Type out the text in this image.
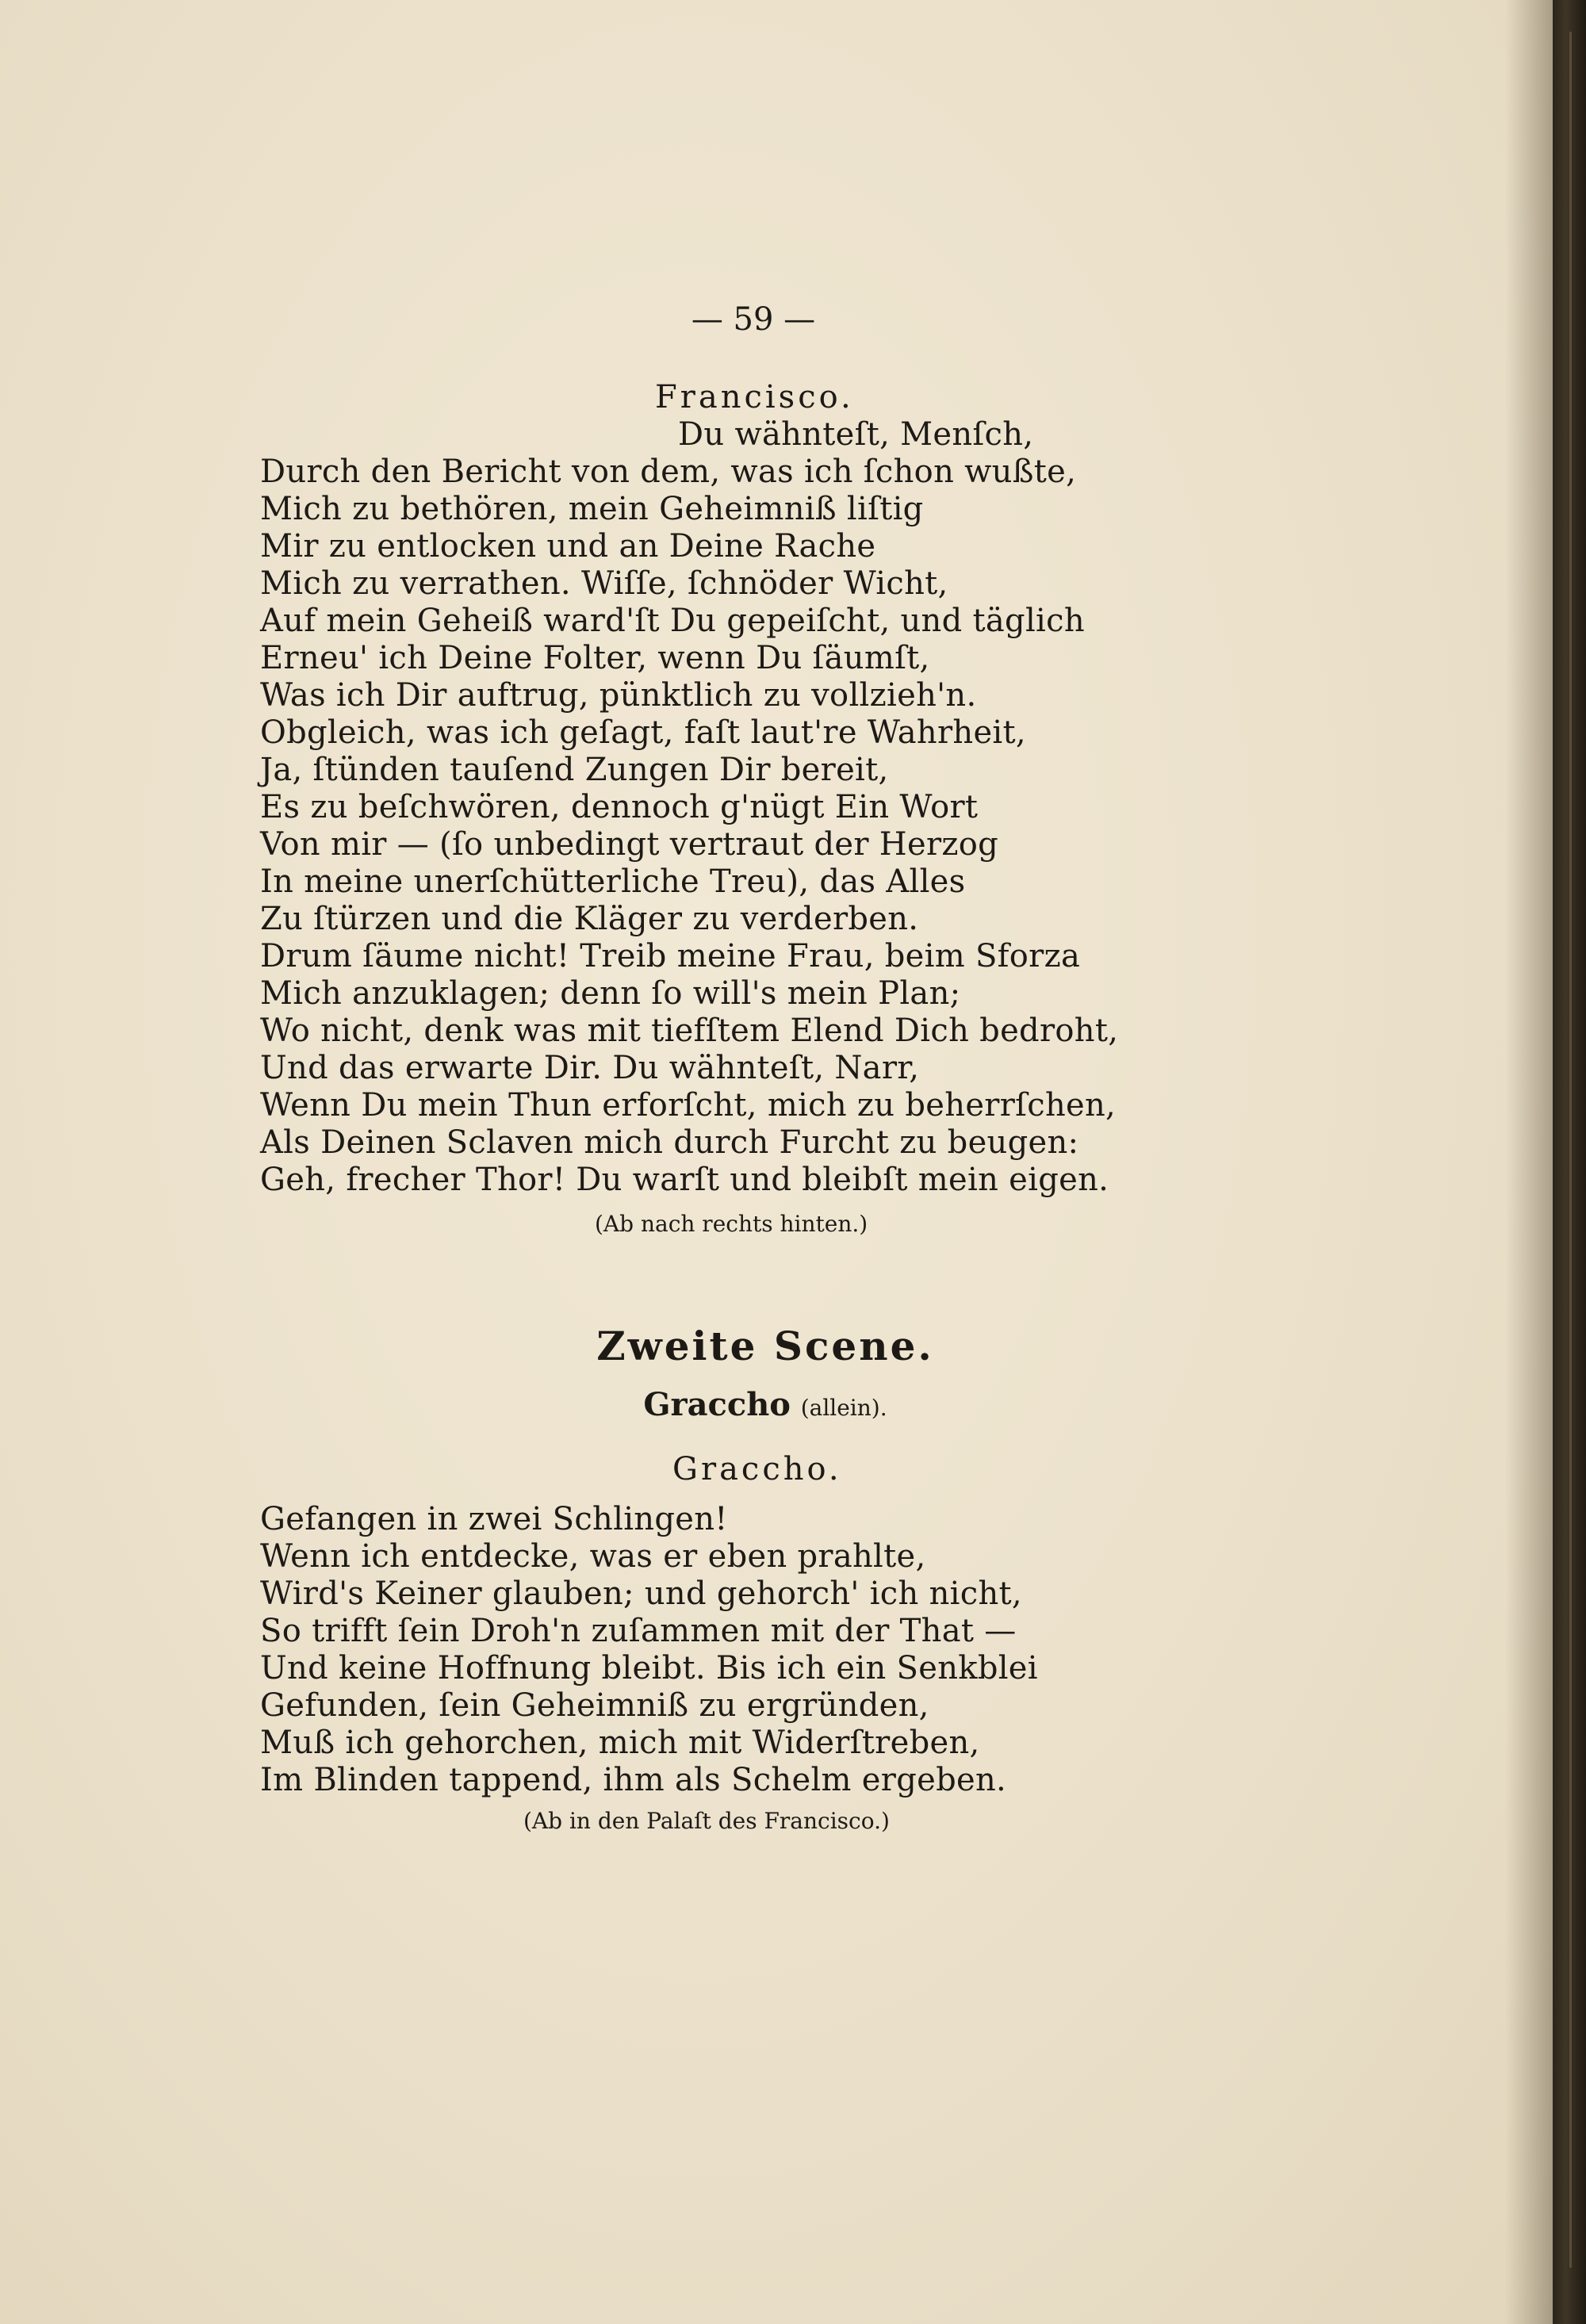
— 59 —
Francisco.
Du wähnteſt, Menſch,
Durch den Bericht von dem, was ich ſchon wußte,
Mich zu bethören, mein Geheimniß liſtig
Mir zu entlocken und an Deine Rache
Mich zu verrathen. Wiſſe, ſchnöder Wicht,
Auf mein Geheiß ward'ſt Du gepeiſcht, und täglich
Erneu' ich Deine Folter, wenn Du ſäumſt,
Was ich Dir auftrug, pünktlich zu vollzieh'n.
Obgleich, was ich geſagt, faſt laut're Wahrheit,
Ja, ſtünden tauſend Zungen Dir bereit,
Es zu beſchwören, dennoch g'nügt Ein Wort
Von mir — (ſo unbedingt vertraut der Herzog
In meine unerſchütterliche Treu), das Alles
Zu ſtürzen und die Kläger zu verderben.
Drum ſäume nicht! Treib meine Frau, beim Sforza
Mich anzuklagen; denn ſo will's mein Plan;
Wo nicht, denk was mit tiefſtem Elend Dich bedroht,
Und das erwarte Dir. Du wähnteſt, Narr,
Wenn Du mein Thun erforſcht, mich zu beherrſchen,
Als Deinen Sclaven mich durch Furcht zu beugen:
Geh, frecher Thor! Du warſt und bleibſt mein eigen.
(Ab nach rechts hinten.)
Zweite Scene.
Graccho (allein).
Graccho.
Gefangen in zwei Schlingen!
Wenn ich entdecke, was er eben prahlte,
Wird's Keiner glauben; und gehorch' ich nicht,
So trifft ſein Droh'n zuſammen mit der That —
Und keine Hoffnung bleibt. Bis ich ein Senkblei
Gefunden, ſein Geheimniß zu ergründen,
Muß ich gehorchen, mich mit Widerſtreben,
Im Blinden tappend, ihm als Schelm ergeben.
(Ab in den Palaſt des Francisco.)
